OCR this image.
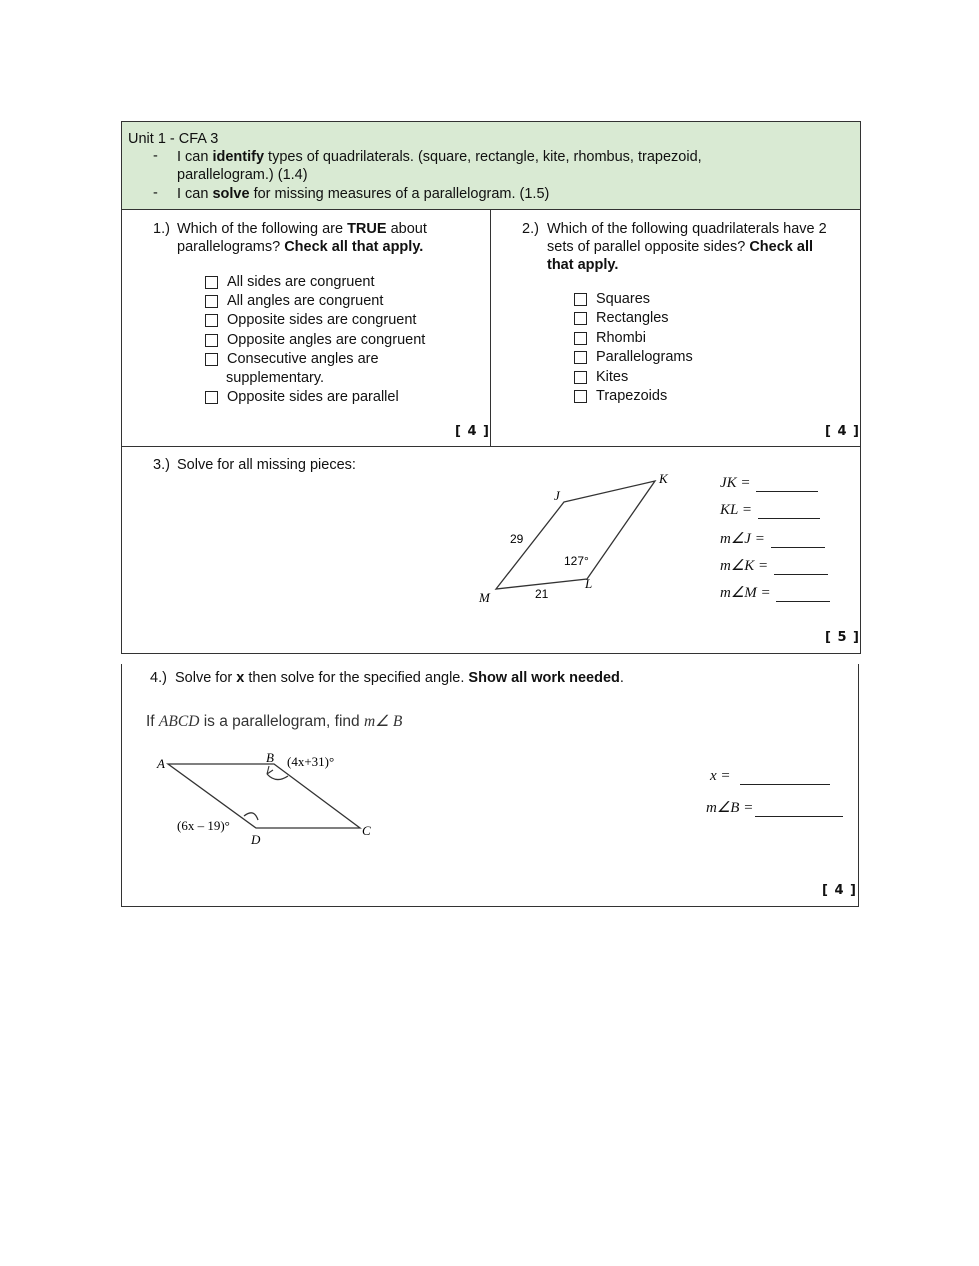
Unit 1 - CFA 3
- I can identify types of quadrilaterals. (square, rectangle, kite, rhombus, trapezoid,
parallelogram.) (1.4)
- I can solve for missing measures of a parallelogram. (1.5)
1.) Which of the following are TRUE about
parallelograms? Check all that apply.
All sides are congruent
All angles are congruent
Opposite sides are congruent
Opposite angles are congruent
Consecutive angles are
supplementary.
Opposite sides are parallel
[ 4 ]
2.) Which of the following quadrilaterals have 2
sets of parallel opposite sides? Check all
that apply.
Squares
Rectangles
Rhombi
Parallelograms
Kites
Trapezoids
[ 4 ]
3.) Solve for all missing pieces:
J
K
L
M
29
21
127°
JK =
KL =
m∠J =
m∠K =
m∠M =
[ 5 ]
4.) Solve for x then solve for the specified angle. Show all work needed.
If ABCD is a parallelogram, find m∠ B
A	B
C
D
(4x+31)°
(6x – 19)°
x =
m∠B =
[ 4 ]
